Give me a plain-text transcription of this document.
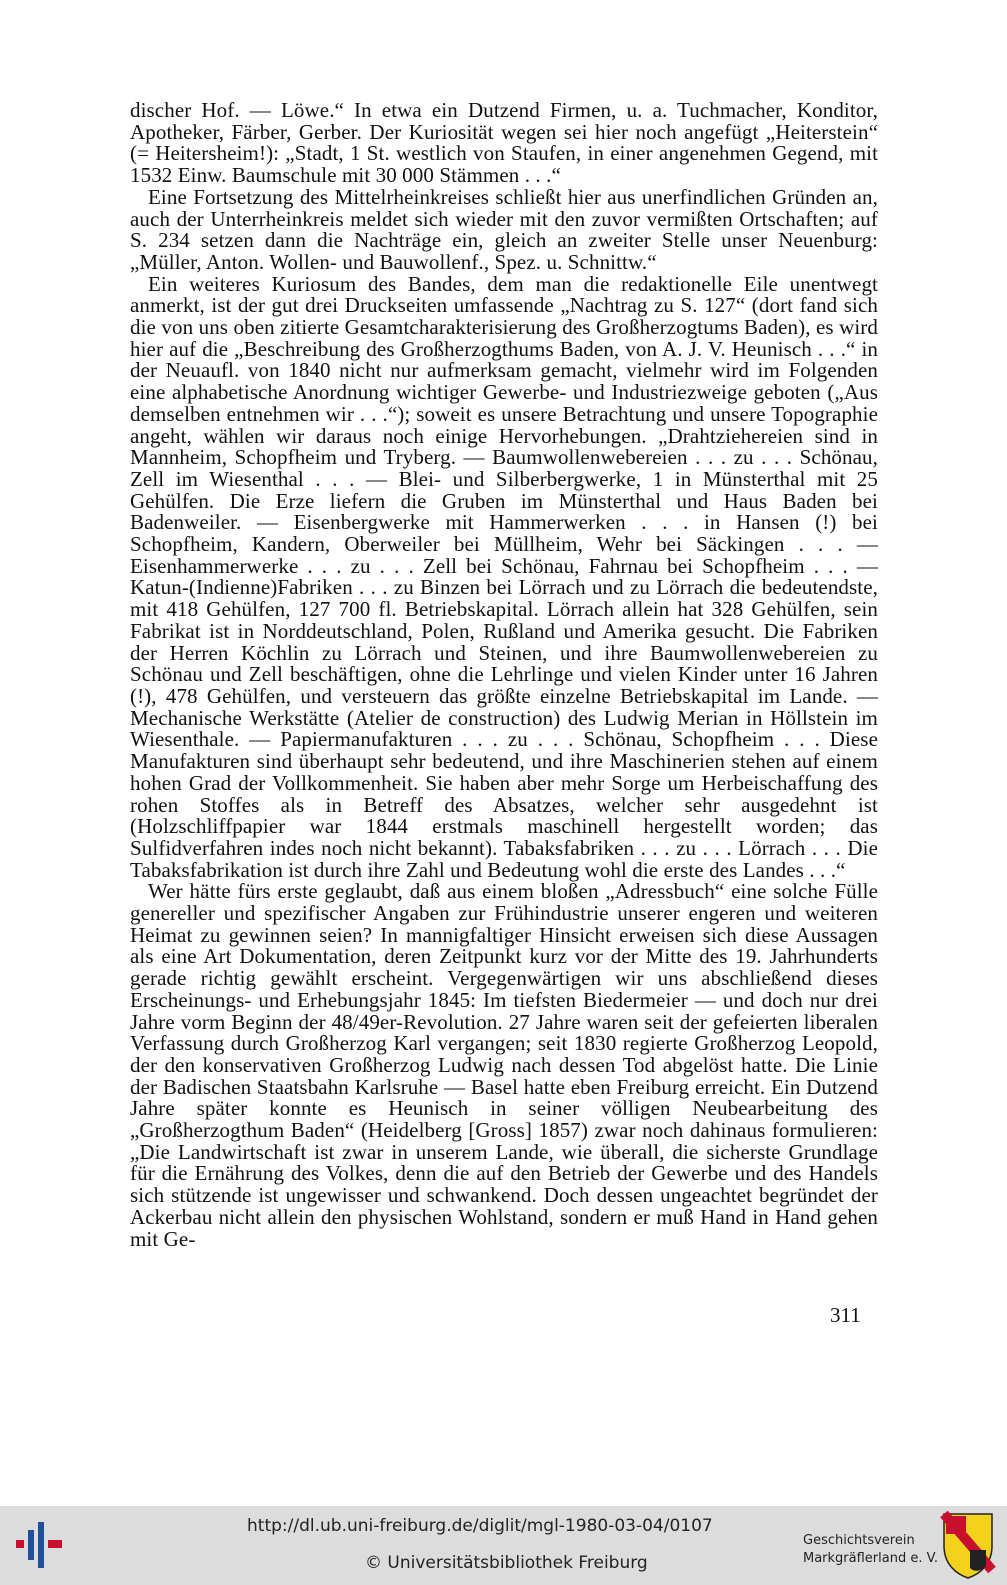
discher Hof. — Löwe.“ In etwa ein Dutzend Firmen, u. a. Tuchmacher, Konditor, Apotheker, Färber, Gerber. Der Kuriosität wegen sei hier noch angefügt „Heiterstein“ (= Heitersheim!): „Stadt, 1 St. westlich von Staufen, in einer angenehmen Gegend, mit 1532 Einw. Baumschule mit 30 000 Stämmen . . .“

Eine Fortsetzung des Mittelrheinkreises schließt hier aus unerfindlichen Gründen an, auch der Unterrheinkreis meldet sich wieder mit den zuvor vermißten Ortschaften; auf S. 234 setzen dann die Nachträge ein, gleich an zweiter Stelle unser Neuenburg: „Müller, Anton. Wollen- und Bauwollenf., Spez. u. Schnittw.“

Ein weiteres Kuriosum des Bandes, dem man die redaktionelle Eile unentwegt anmerkt, ist der gut drei Druckseiten umfassende „Nachtrag zu S. 127“ (dort fand sich die von uns oben zitierte Gesamtcharakterisierung des Großherzogtums Baden), es wird hier auf die „Beschreibung des Großherzogthums Baden, von A. J. V. Heunisch . . .“ in der Neuaufl. von 1840 nicht nur aufmerksam gemacht, vielmehr wird im Folgenden eine alphabetische Anordnung wichtiger Gewerbe- und Industriezweige geboten („Aus demselben entnehmen wir . . .“); soweit es unsere Betrachtung und unsere Topographie angeht, wählen wir daraus noch einige Hervorhebungen. „Drahtziehereien sind in Mannheim, Schopfheim und Tryberg. — Baumwollenwebereien . . . zu . . . Schönau, Zell im Wiesenthal . . . — Blei- und Silberbergwerke, 1 in Münsterthal mit 25 Gehülfen. Die Erze liefern die Gruben im Münsterthal und Haus Baden bei Badenweiler. — Eisenbergwerke mit Hammerwerken . . . in Hansen (!) bei Schopfheim, Kandern, Oberweiler bei Müllheim, Wehr bei Säckingen . . . — Eisenhammerwerke . . . zu . . . Zell bei Schönau, Fahrnau bei Schopfheim . . . — Katun-(Indienne)Fabriken . . . zu Binzen bei Lörrach und zu Lörrach die bedeutendste, mit 418 Gehülfen, 127 700 fl. Betriebskapital. Lörrach allein hat 328 Gehülfen, sein Fabrikat ist in Norddeutschland, Polen, Rußland und Amerika gesucht. Die Fabriken der Herren Köchlin zu Lörrach und Steinen, und ihre Baumwollenwebereien zu Schönau und Zell beschäftigen, ohne die Lehrlinge und vielen Kinder unter 16 Jahren (!), 478 Gehülfen, und versteuern das größte einzelne Betriebskapital im Lande. — Mechanische Werkstätte (Atelier de construction) des Ludwig Merian in Höllstein im Wiesenthale. — Papiermanufakturen . . . zu . . . Schönau, Schopfheim . . . Diese Manufakturen sind überhaupt sehr bedeutend, und ihre Maschinerien stehen auf einem hohen Grad der Vollkommenheit. Sie haben aber mehr Sorge um Herbeischaffung des rohen Stoffes als in Betreff des Absatzes, welcher sehr ausgedehnt ist (Holzschliffpapier war 1844 erstmals maschinell hergestellt worden; das Sulfidverfahren indes noch nicht bekannt). Tabaksfabriken . . . zu . . . Lörrach . . . Die Tabaksfabrikation ist durch ihre Zahl und Bedeutung wohl die erste des Landes . . .“

Wer hätte fürs erste geglaubt, daß aus einem bloßen „Adressbuch“ eine solche Fülle genereller und spezifischer Angaben zur Frühindustrie unserer engeren und weiteren Heimat zu gewinnen seien? In mannigfaltiger Hinsicht erweisen sich diese Aussagen als eine Art Dokumentation, deren Zeitpunkt kurz vor der Mitte des 19. Jahrhunderts gerade richtig gewählt erscheint. Vergegenwärtigen wir uns abschließend dieses Erscheinungs- und Erhebungsjahr 1845: Im tiefsten Biedermeier — und doch nur drei Jahre vorm Beginn der 48/49er-Revolution. 27 Jahre waren seit der gefeierten liberalen Verfassung durch Großherzog Karl vergangen; seit 1830 regierte Großherzog Leopold, der den konservativen Großherzog Ludwig nach dessen Tod abgelöst hatte. Die Linie der Badischen Staatsbahn Karlsruhe — Basel hatte eben Freiburg erreicht. Ein Dutzend Jahre später konnte es Heunisch in seiner völligen Neubearbeitung des „Großherzogthum Baden“ (Heidelberg [Gross] 1857) zwar noch dahinaus formulieren: „Die Landwirtschaft ist zwar in unserem Lande, wie überall, die sicherste Grundlage für die Ernährung des Volkes, denn die auf den Betrieb der Gewerbe und des Handels sich stützende ist ungewisser und schwankend. Doch dessen ungeachtet begründet der Ackerbau nicht allein den physischen Wohlstand, sondern er muß Hand in Hand gehen mit Ge-

311
http://dl.ub.uni-freiburg.de/diglit/mgl-1980-03-04/0107
© Universitätsbibliothek Freiburg
Geschichtsverein
Markgräflerland e. V.
